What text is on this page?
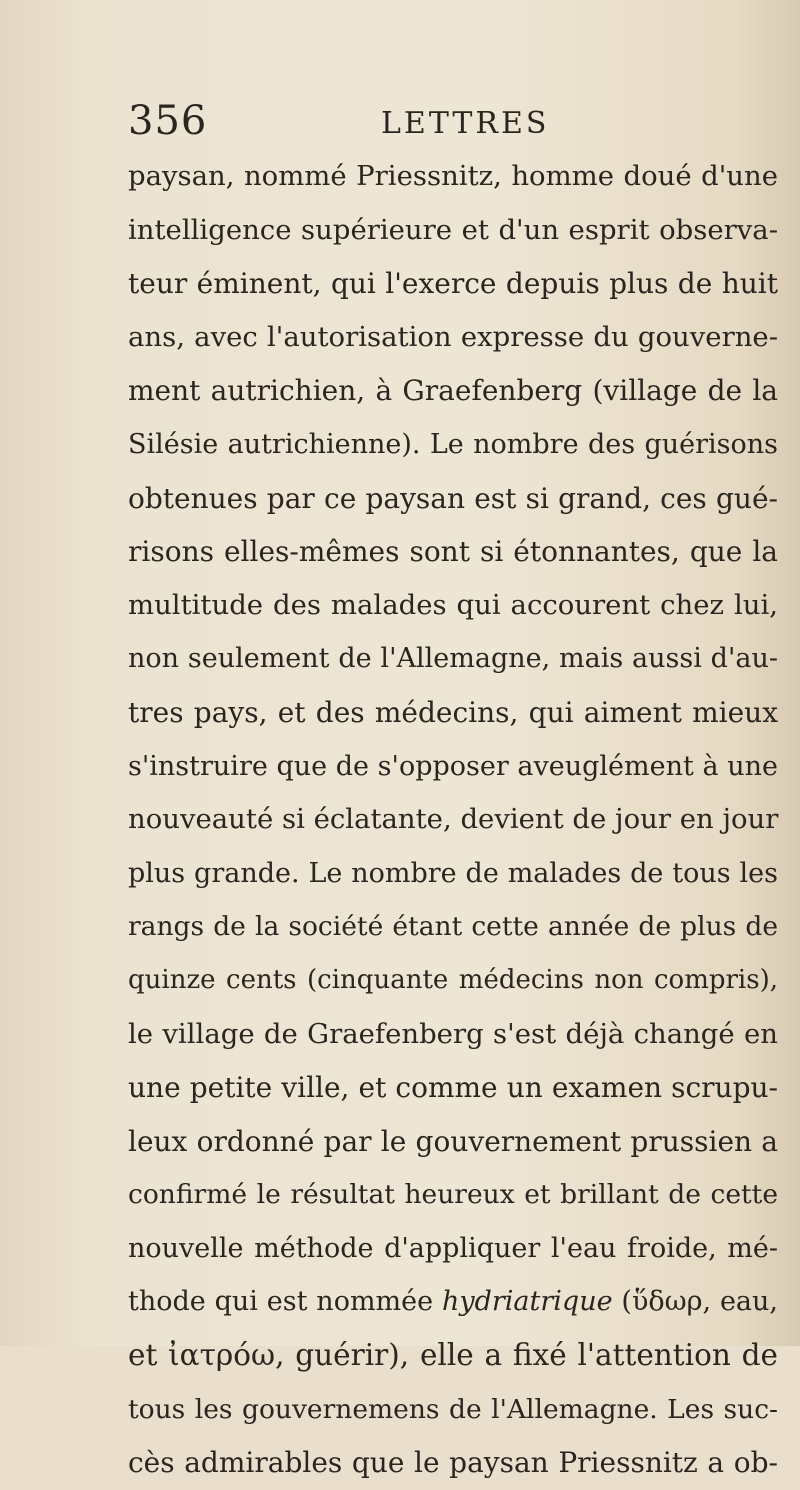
356	LETTRES
paysan, nommé Priessnitz, homme doué d'une
intelligence supérieure et d'un esprit observa-
teur éminent, qui l'exerce depuis plus de huit
ans, avec l'autorisation expresse du gouverne-
ment autrichien, à Graefenberg (village de la
Silésie autrichienne). Le nombre des guérisons
obtenues par ce paysan est si grand, ces gué-
risons elles-mêmes sont si étonnantes, que la
multitude des malades qui accourent chez lui,
non seulement de l'Allemagne, mais aussi d'au-
tres pays, et des médecins, qui aiment mieux
s'instruire que de s'opposer aveuglément à une
nouveauté si éclatante, devient de jour en jour
plus grande. Le nombre de malades de tous les
rangs de la société étant cette année de plus de
quinze cents (cinquante médecins non compris),
le village de Graefenberg s'est déjà changé en
une petite ville, et comme un examen scrupu-
leux ordonné par le gouvernement prussien a
confirmé le résultat heureux et brillant de cette
nouvelle méthode d'appliquer l'eau froide, mé-
thode qui est nommée hydriatrique (ὕδωρ, eau,
et ἰατρόω, guérir), elle a fixé l'attention de
tous les gouvernemens de l'Allemagne. Les suc-
cès admirables que le paysan Priessnitz a ob-
